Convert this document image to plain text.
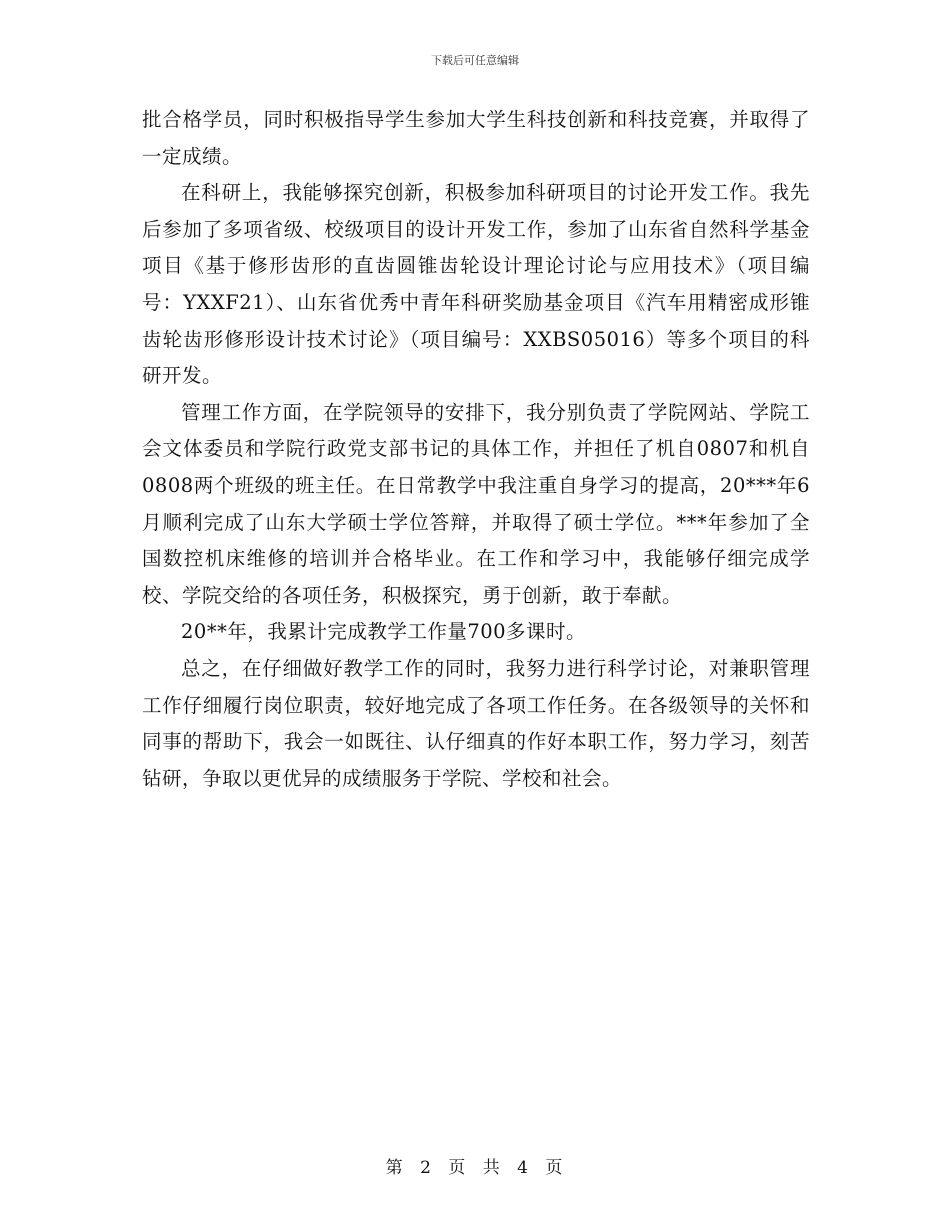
下载后可任意编辑

批合格学员，同时积极指导学生参加大学生科技创新和科技竞赛，并取得了一定成绩。

在科研上，我能够探究创新，积极参加科研项目的讨论开发工作。我先后参加了多项省级、校级项目的设计开发工作，参加了山东省自然科学基金项目《基于修形齿形的直齿圆锥齿轮设计理论讨论与应用技术》（项目编号：YXXF21）、山东省优秀中青年科研奖励基金项目《汽车用精密成形锥齿轮齿形修形设计技术讨论》（项目编号：XXBS05016）等多个项目的科研开发。

管理工作方面，在学院领导的安排下，我分别负责了学院网站、学院工会文体委员和学院行政党支部书记的具体工作，并担任了机自0807和机自0808两个班级的班主任。在日常教学中我注重自身学习的提高，20***年6月顺利完成了山东大学硕士学位答辩，并取得了硕士学位。***年参加了全国数控机床维修的培训并合格毕业。在工作和学习中，我能够仔细完成学校、学院交给的各项任务，积极探究，勇于创新，敢于奉献。

20**年，我累计完成教学工作量700多课时。

总之，在仔细做好教学工作的同时，我努力进行科学讨论，对兼职管理工作仔细履行岗位职责，较好地完成了各项工作任务。在各级领导的关怀和同事的帮助下，我会一如既往、认仔细真的作好本职工作，努力学习，刻苦钻研，争取以更优异的成绩服务于学院、学校和社会。

第 2 页 共 4 页
